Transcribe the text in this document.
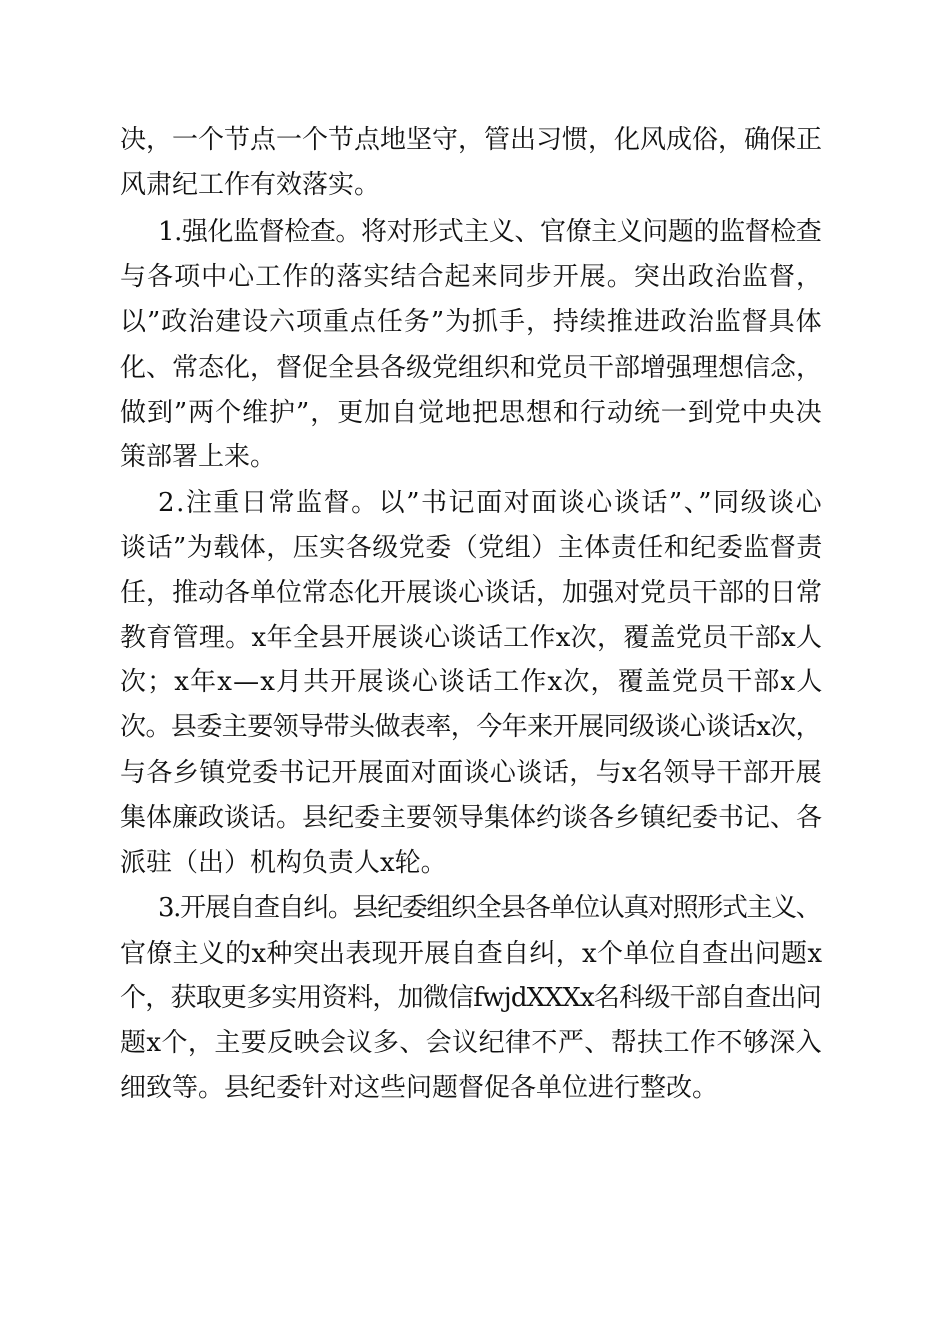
决，一个节点一个节点地坚守，管出习惯，化风成俗，确保正
风肃纪工作有效落实。
1.强化监督检查。将对形式主义、官僚主义问题的监督检查
与各项中心工作的落实结合起来同步开展。突出政治监督，
以”政治建设六项重点任务”为抓手，持续推进政治监督具体
化、常态化，督促全县各级党组织和党员干部增强理想信念，
做到”两个维护”，更加自觉地把思想和行动统一到党中央决
策部署上来。
2.注重日常监督。以”书记面对面谈心谈话”、”同级谈心
谈话”为载体，压实各级党委（党组）主体责任和纪委监督责
任，推动各单位常态化开展谈心谈话，加强对党员干部的日常
教育管理。x年全县开展谈心谈话工作x次，覆盖党员干部x人
次；x年x—x月共开展谈心谈话工作x次，覆盖党员干部x人
次。县委主要领导带头做表率，今年来开展同级谈心谈话x次，
与各乡镇党委书记开展面对面谈心谈话，与x名领导干部开展
集体廉政谈话。县纪委主要领导集体约谈各乡镇纪委书记、各
派驻（出）机构负责人x轮。
3.开展自查自纠。县纪委组织全县各单位认真对照形式主义、
官僚主义的x种突出表现开展自查自纠，x个单位自查出问题x
个，获取更多实用资料，加微信fwjdXXXx名科级干部自查出问
题x个，主要反映会议多、会议纪律不严、帮扶工作不够深入
细致等。县纪委针对这些问题督促各单位进行整改。
